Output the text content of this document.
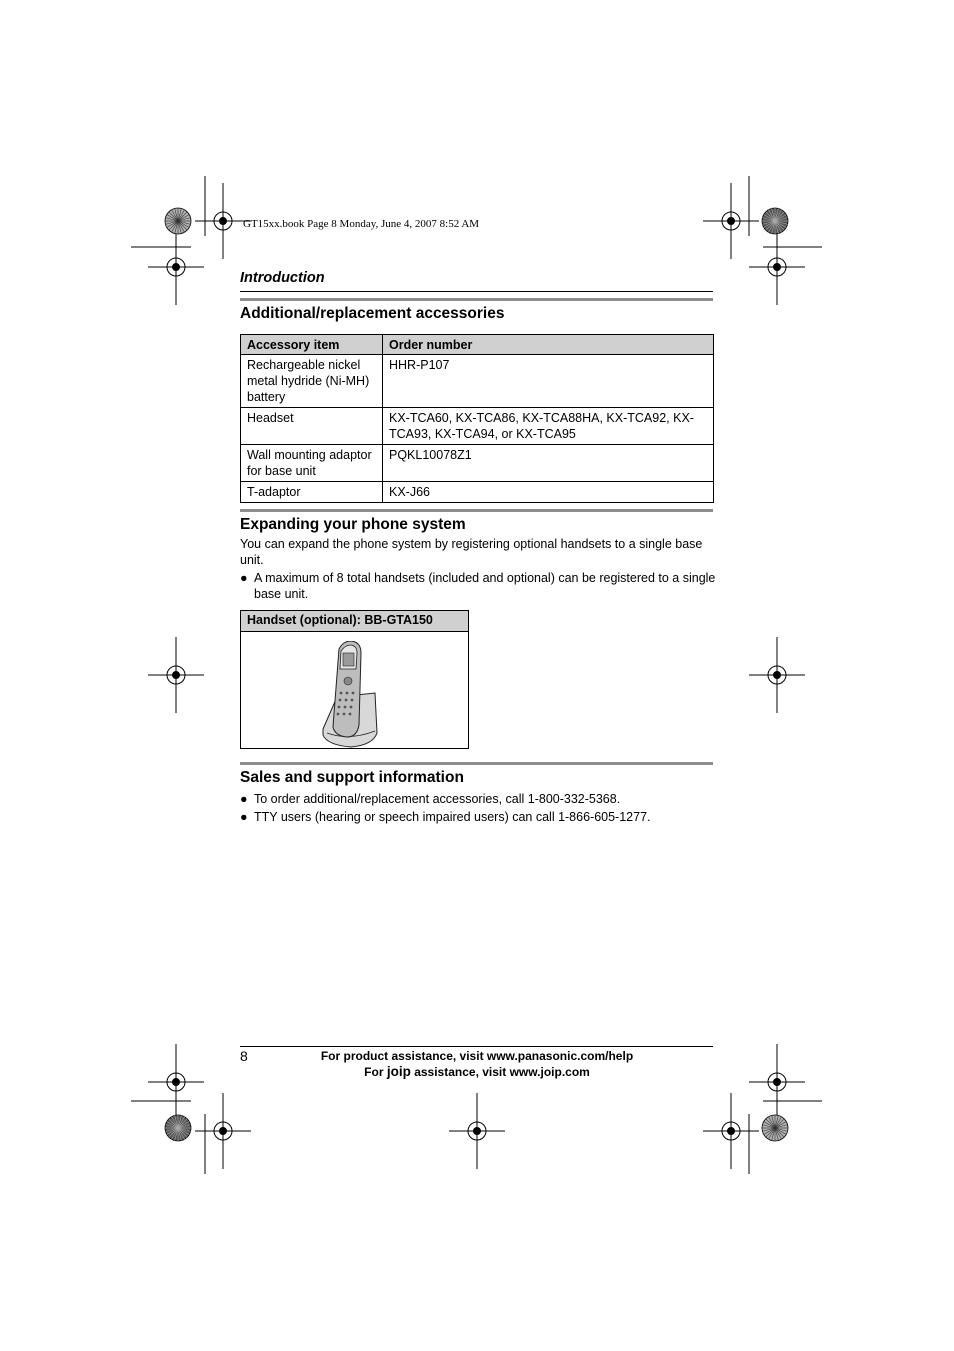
GT15xx.book Page 8 Monday, June 4, 2007 8:52 AM
Introduction
Additional/replacement accessories
Accessory item	Order number
Rechargeable nickel metal hydride (Ni-MH) battery	HHR-P107
Headset	KX-TCA60, KX-TCA86, KX-TCA88HA, KX-TCA92, KX-TCA93, KX-TCA94, or KX-TCA95
Wall mounting adaptor for base unit	PQKL10078Z1
T-adaptor	KX-J66
Expanding your phone system
You can expand the phone system by registering optional handsets to a single base unit.
● A maximum of 8 total handsets (included and optional) can be registered to a single base unit.
Handset (optional): BB-GTA150
Sales and support information
● To order additional/replacement accessories, call 1-800-332-5368.
● TTY users (hearing or speech impaired users) can call 1-866-605-1277.
8	For product assistance, visit www.panasonic.com/help
For joip assistance, visit www.joip.com
